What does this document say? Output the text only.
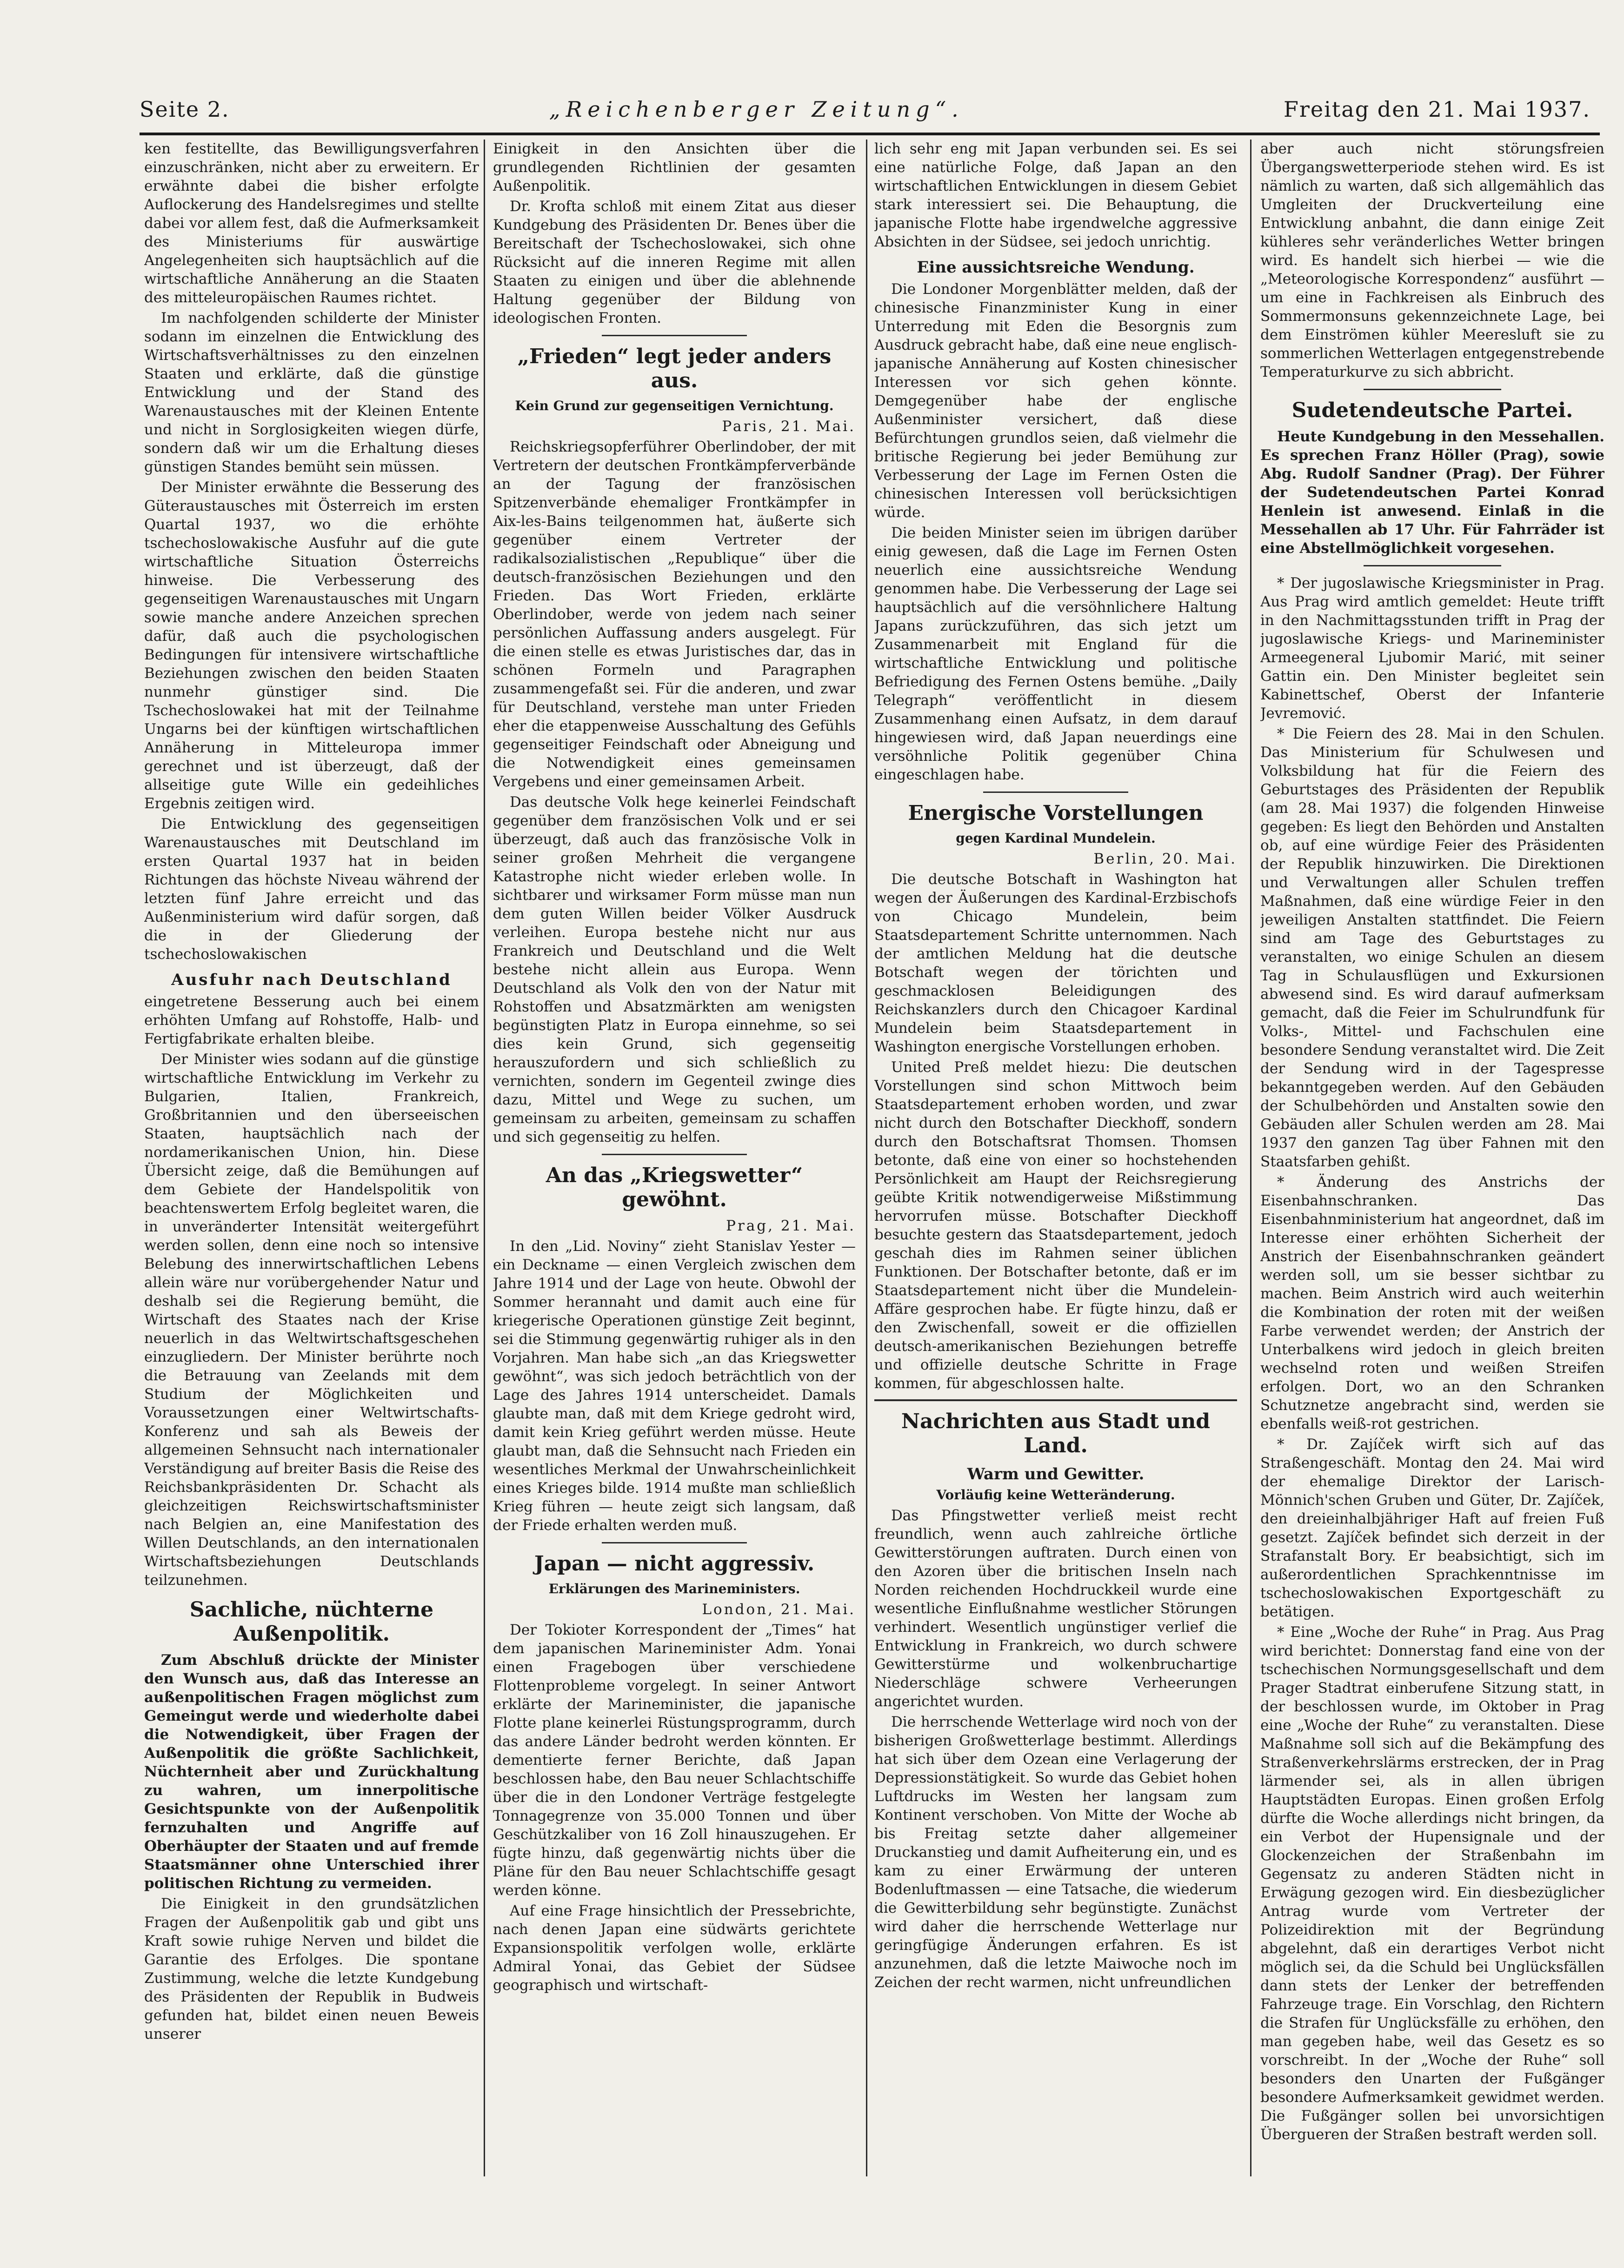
Seite 2.	„Reichenberger Zeitung“.	Freitag den 21. Mai 1937.

ken festitellte, das Bewilligungsverfahren einzuschränken, nicht aber zu erweitern. Er erwähnte dabei die bisher erfolgte Auflockerung des Handelsregimes und stellte dabei vor allem fest, daß die Aufmerksamkeit des Ministeriums für auswärtige Angelegenheiten sich hauptsächlich auf die wirtschaftliche Annäherung an die Staaten des mitteleuropäischen Raumes richtet.

Im nachfolgenden schilderte der Minister sodann im einzelnen die Entwicklung des Wirtschaftsverhältnisses zu den einzelnen Staaten und erklärte, daß die günstige Entwicklung und der Stand des Warenaustausches mit der Kleinen Entente und nicht in Sorglosigkeiten wiegen dürfe, sondern daß wir um die Erhaltung dieses günstigen Standes bemüht sein müssen.

Der Minister erwähnte die Besserung des Güteraustausches mit Österreich im ersten Quartal 1937, wo die erhöhte tschechoslowakische Ausfuhr auf die gute wirtschaftliche Situation Österreichs hinweise. Die Verbesserung des gegenseitigen Warenaustausches mit Ungarn sowie manche andere Anzeichen sprechen dafür, daß auch die psychologischen Bedingungen für intensivere wirtschaftliche Beziehungen zwischen den beiden Staaten nunmehr günstiger sind. Die Tschechoslowakei hat mit der Teilnahme Ungarns bei der künftigen wirtschaftlichen Annäherung in Mitteleuropa immer gerechnet und ist überzeugt, daß der allseitige gute Wille ein gedeihliches Ergebnis zeitigen wird.

Die Entwicklung des gegenseitigen Warenaustausches mit Deutschland im ersten Quartal 1937 hat in beiden Richtungen das höchste Niveau während der letzten fünf Jahre erreicht und das Außenministerium wird dafür sorgen, daß die in der Gliederung der tschechoslowakischen

Ausfuhr nach Deutschland

eingetretene Besserung auch bei einem erhöhten Umfang auf Rohstoffe, Halb- und Fertigfabrikate erhalten bleibe.

Der Minister wies sodann auf die günstige wirtschaftliche Entwicklung im Verkehr zu Bulgarien, Italien, Frankreich, Großbritannien und den überseeischen Staaten, hauptsächlich nach der nordamerikanischen Union, hin. Diese Übersicht zeige, daß die Bemühungen auf dem Gebiete der Handelspolitik von beachtenswertem Erfolg begleitet waren, die in unveränderter Intensität weitergeführt werden sollen, denn eine noch so intensive Belebung des innerwirtschaftlichen Lebens allein wäre nur vorübergehender Natur und deshalb sei die Regierung bemüht, die Wirtschaft des Staates nach der Krise neuerlich in das Weltwirtschaftsgeschehen einzugliedern. Der Minister berührte noch die Betrauung van Zeelands mit dem Studium der Möglichkeiten und Voraussetzungen einer Weltwirtschafts-Konferenz und sah als Beweis der allgemeinen Sehnsucht nach internationaler Verständigung auf breiter Basis die Reise des Reichsbankpräsidenten Dr. Schacht als gleichzeitigen Reichswirtschaftsminister nach Belgien an, eine Manifestation des Willen Deutschlands, an den internationalen Wirtschaftsbeziehungen Deutschlands teilzunehmen.

Sachliche, nüchterne Außenpolitik.

Zum Abschluß drückte der Minister den Wunsch aus, daß das Interesse an außenpolitischen Fragen möglichst zum Gemeingut werde und wiederholte dabei die Notwendigkeit, über Fragen der Außenpolitik die größte Sachlichkeit, Nüchternheit aber und Zurückhaltung zu wahren, um innerpolitische Gesichtspunkte von der Außenpolitik fernzuhalten und Angriffe auf Oberhäupter der Staaten und auf fremde Staatsmänner ohne Unterschied ihrer politischen Richtung zu vermeiden.

Die Einigkeit in den grundsätzlichen Fragen der Außenpolitik gab und gibt uns Kraft sowie ruhige Nerven und bildet die Garantie des Erfolges. Die spontane Zustimmung, welche die letzte Kundgebung des Präsidenten der Republik in Budweis gefunden hat, bildet einen neuen Beweis unserer

Einigkeit in den Ansichten über die grundlegenden Richtlinien der gesamten Außenpolitik.

Dr. Krofta schloß mit einem Zitat aus dieser Kundgebung des Präsidenten Dr. Benes über die Bereitschaft der Tschechoslowakei, sich ohne Rücksicht auf die inneren Regime mit allen Staaten zu einigen und über die ablehnende Haltung gegenüber der Bildung von ideologischen Fronten.

„Frieden“ legt jeder anders aus.
Kein Grund zur gegenseitigen Vernichtung.
Paris, 21. Mai.

Reichskriegsopferführer Oberlindober, der mit Vertretern der deutschen Frontkämpferverbände an der Tagung der französischen Spitzenverbände ehemaliger Frontkämpfer in Aix-les-Bains teilgenommen hat, äußerte sich gegenüber einem Vertreter der radikalsozialistischen „Republique“ über die deutsch-französischen Beziehungen und den Frieden. Das Wort Frieden, erklärte Oberlindober, werde von jedem nach seiner persönlichen Auffassung anders ausgelegt. Für die einen stelle es etwas Juristisches dar, das in schönen Formeln und Paragraphen zusammengefaßt sei. Für die anderen, und zwar für Deutschland, verstehe man unter Frieden eher die etappenweise Ausschaltung des Gefühls gegenseitiger Feindschaft oder Abneigung und die Notwendigkeit eines gemeinsamen Vergebens und einer gemeinsamen Arbeit.

Das deutsche Volk hege keinerlei Feindschaft gegenüber dem französischen Volk und er sei überzeugt, daß auch das französische Volk in seiner großen Mehrheit die vergangene Katastrophe nicht wieder erleben wolle. In sichtbarer und wirksamer Form müsse man nun dem guten Willen beider Völker Ausdruck verleihen. Europa bestehe nicht nur aus Frankreich und Deutschland und die Welt bestehe nicht allein aus Europa. Wenn Deutschland als Volk den von der Natur mit Rohstoffen und Absatzmärkten am wenigsten begünstigten Platz in Europa einnehme, so sei dies kein Grund, sich gegenseitig herauszufordern und sich schließlich zu vernichten, sondern im Gegenteil zwinge dies dazu, Mittel und Wege zu suchen, um gemeinsam zu arbeiten, gemeinsam zu schaffen und sich gegenseitig zu helfen.

An das „Kriegswetter“ gewöhnt.
Prag, 21. Mai.

In den „Lid. Noviny“ zieht Stanislav Yester — ein Deckname — einen Vergleich zwischen dem Jahre 1914 und der Lage von heute. Obwohl der Sommer herannaht und damit auch eine für kriegerische Operationen günstige Zeit beginnt, sei die Stimmung gegenwärtig ruhiger als in den Vorjahren. Man habe sich „an das Kriegswetter gewöhnt“, was sich jedoch beträchtlich von der Lage des Jahres 1914 unterscheidet. Damals glaubte man, daß mit dem Kriege gedroht wird, damit kein Krieg geführt werden müsse. Heute glaubt man, daß die Sehnsucht nach Frieden ein wesentliches Merkmal der Unwahrscheinlichkeit eines Krieges bilde. 1914 mußte man schließlich Krieg führen — heute zeigt sich langsam, daß der Friede erhalten werden muß.

Japan — nicht aggressiv.
Erklärungen des Marineministers.
London, 21. Mai.

Der Tokioter Korrespondent der „Times“ hat dem japanischen Marineminister Adm. Yonai einen Fragebogen über verschiedene Flottenprobleme vorgelegt. In seiner Antwort erklärte der Marineminister, die japanische Flotte plane keinerlei Rüstungsprogramm, durch das andere Länder bedroht werden könnten. Er dementierte ferner Berichte, daß Japan beschlossen habe, den Bau neuer Schlachtschiffe über die in den Londoner Verträge festgelegte Tonnagegrenze von 35.000 Tonnen und über Geschützkaliber von 16 Zoll hinauszugehen. Er fügte hinzu, daß gegenwärtig nichts über die Pläne für den Bau neuer Schlachtschiffe gesagt werden könne.

Auf eine Frage hinsichtlich der Pressebrichte, nach denen Japan eine südwärts gerichtete Expansionspolitik verfolgen wolle, erklärte Admiral Yonai, das Gebiet der Südsee geographisch und wirtschaft-

lich sehr eng mit Japan verbunden sei. Es sei eine natürliche Folge, daß Japan an den wirtschaftlichen Entwicklungen in diesem Gebiet stark interessiert sei. Die Behauptung, die japanische Flotte habe irgendwelche aggressive Absichten in der Südsee, sei jedoch unrichtig.

Eine aussichtsreiche Wendung.

Die Londoner Morgenblätter melden, daß der chinesische Finanzminister Kung in einer Unterredung mit Eden die Besorgnis zum Ausdruck gebracht habe, daß eine neue englisch-japanische Annäherung auf Kosten chinesischer Interessen vor sich gehen könnte. Demgegenüber habe der englische Außenminister versichert, daß diese Befürchtungen grundlos seien, daß vielmehr die britische Regierung bei jeder Bemühung zur Verbesserung der Lage im Fernen Osten die chinesischen Interessen voll berücksichtigen würde.

Die beiden Minister seien im übrigen darüber einig gewesen, daß die Lage im Fernen Osten neuerlich eine aussichtsreiche Wendung genommen habe. Die Verbesserung der Lage sei hauptsächlich auf die versöhnlichere Haltung Japans zurückzuführen, das sich jetzt um Zusammenarbeit mit England für die wirtschaftliche Entwicklung und politische Befriedigung des Fernen Ostens bemühe. „Daily Telegraph“ veröffentlicht in diesem Zusammenhang einen Aufsatz, in dem darauf hingewiesen wird, daß Japan neuerdings eine versöhnliche Politik gegenüber China eingeschlagen habe.

Energische Vorstellungen
gegen Kardinal Mundelein.
Berlin, 20. Mai.

Die deutsche Botschaft in Washington hat wegen der Äußerungen des Kardinal-Erzbischofs von Chicago Mundelein, beim Staatsdepartement Schritte unternommen. Nach der amtlichen Meldung hat die deutsche Botschaft wegen der törichten und geschmacklosen Beleidigungen des Reichskanzlers durch den Chicagoer Kardinal Mundelein beim Staatsdepartement in Washington energische Vorstellungen erhoben.

United Preß meldet hiezu: Die deutschen Vorstellungen sind schon Mittwoch beim Staatsdepartement erhoben worden, und zwar nicht durch den Botschafter Dieckhoff, sondern durch den Botschaftsrat Thomsen. Thomsen betonte, daß eine von einer so hochstehenden Persönlichkeit am Haupt der Reichsregierung geübte Kritik notwendigerweise Mißstimmung hervorrufen müsse. Botschafter Dieckhoff besuchte gestern das Staatsdepartement, jedoch geschah dies im Rahmen seiner üblichen Funktionen. Der Botschafter betonte, daß er im Staatsdepartement nicht über die Mundelein-Affäre gesprochen habe. Er fügte hinzu, daß er den Zwischenfall, soweit er die offiziellen deutsch-amerikanischen Beziehungen betreffe und offizielle deutsche Schritte in Frage kommen, für abgeschlossen halte.

Nachrichten aus Stadt und Land.
Warm und Gewitter.
Vorläufig keine Wetteränderung.

Das Pfingstwetter verließ meist recht freundlich, wenn auch zahlreiche örtliche Gewitterstörungen auftraten. Durch einen von den Azoren über die britischen Inseln nach Norden reichenden Hochdruckkeil wurde eine wesentliche Einflußnahme westlicher Störungen verhindert. Wesentlich ungünstiger verlief die Entwicklung in Frankreich, wo durch schwere Gewitterstürme und wolkenbruchartige Niederschläge schwere Verheerungen angerichtet wurden.

Die herrschende Wetterlage wird noch von der bisherigen Großwetterlage bestimmt. Allerdings hat sich über dem Ozean eine Verlagerung der Depressionstätigkeit. So wurde das Gebiet hohen Luftdrucks im Westen her langsam zum Kontinent verschoben. Von Mitte der Woche ab bis Freitag setzte daher allgemeiner Druckanstieg und damit Aufheiterung ein, und es kam zu einer Erwärmung der unteren Bodenluftmassen — eine Tatsache, die wiederum die Gewitterbildung sehr begünstigte. Zunächst wird daher die herrschende Wetterlage nur geringfügige Änderungen erfahren. Es ist anzunehmen, daß die letzte Maiwoche noch im Zeichen der recht warmen, nicht unfreundlichen

aber auch nicht störungsfreien Übergangswetterperiode stehen wird. Es ist nämlich zu warten, daß sich allgemählich das Umgleiten der Druckverteilung eine Entwicklung anbahnt, die dann einige Zeit kühleres sehr veränderliches Wetter bringen wird. Es handelt sich hierbei — wie die „Meteorologische Korrespondenz“ ausführt — um eine in Fachkreisen als Einbruch des Sommermonsuns gekennzeichnete Lage, bei dem Einströmen kühler Meeresluft sie zu sommerlichen Wetterlagen entgegenstrebende Temperaturkurve zu sich abbricht.

Sudetendeutsche Partei.

Heute Kundgebung in den Messehallen. Es sprechen Franz Höller (Prag), sowie Abg. Rudolf Sandner (Prag). Der Führer der Sudetendeutschen Partei Konrad Henlein ist anwesend. Einlaß in die Messehallen ab 17 Uhr. Für Fahrräder ist eine Abstellmöglichkeit vorgesehen.

* Der jugoslawische Kriegsminister in Prag. Aus Prag wird amtlich gemeldet: Heute trifft in den Nachmittagsstunden trifft in Prag der jugoslawische Kriegs- und Marineminister Armeegeneral Ljubomir Marić, mit seiner Gattin ein. Den Minister begleitet sein Kabinettschef, Oberst der Infanterie Jevremović.

* Die Feiern des 28. Mai in den Schulen. Das Ministerium für Schulwesen und Volksbildung hat für die Feiern des Geburtstages des Präsidenten der Republik (am 28. Mai 1937) die folgenden Hinweise gegeben: Es liegt den Behörden und Anstalten ob, auf eine würdige Feier des Präsidenten der Republik hinzuwirken. Die Direktionen und Verwaltungen aller Schulen treffen Maßnahmen, daß eine würdige Feier in den jeweiligen Anstalten stattfindet. Die Feiern sind am Tage des Geburtstages zu veranstalten, wo einige Schulen an diesem Tag in Schulausflügen und Exkursionen abwesend sind. Es wird darauf aufmerksam gemacht, daß die Feier im Schulrundfunk für Volks-, Mittel- und Fachschulen eine besondere Sendung veranstaltet wird. Die Zeit der Sendung wird in der Tagespresse bekanntgegeben werden. Auf den Gebäuden der Schulbehörden und Anstalten sowie den Gebäuden aller Schulen werden am 28. Mai 1937 den ganzen Tag über Fahnen mit den Staatsfarben gehißt.

* Änderung des Anstrichs der Eisenbahnschranken. Das Eisenbahnministerium hat angeordnet, daß im Interesse einer erhöhten Sicherheit der Anstrich der Eisenbahnschranken geändert werden soll, um sie besser sichtbar zu machen. Beim Anstrich wird auch weiterhin die Kombination der roten mit der weißen Farbe verwendet werden; der Anstrich der Unterbalkens wird jedoch in gleich breiten wechselnd roten und weißen Streifen erfolgen. Dort, wo an den Schranken Schutznetze angebracht sind, werden sie ebenfalls weiß-rot gestrichen.

* Dr. Zajíček wirft sich auf das Straßengeschäft. Montag den 24. Mai wird der ehemalige Direktor der Larisch-Mönnich'schen Gruben und Güter, Dr. Zajíček, den dreieinhalbjähriger Haft auf freien Fuß gesetzt. Zajíček befindet sich derzeit in der Strafanstalt Bory. Er beabsichtigt, sich im außerordentlichen Sprachkenntnisse im tschechoslowakischen Exportgeschäft zu betätigen.

* Eine „Woche der Ruhe“ in Prag. Aus Prag wird berichtet: Donnerstag fand eine von der tschechischen Normungsgesellschaft und dem Prager Stadtrat einberufene Sitzung statt, in der beschlossen wurde, im Oktober in Prag eine „Woche der Ruhe“ zu veranstalten. Diese Maßnahme soll sich auf die Bekämpfung des Straßenverkehrslärms erstrecken, der in Prag lärmender sei, als in allen übrigen Hauptstädten Europas. Einen großen Erfolg dürfte die Woche allerdings nicht bringen, da ein Verbot der Hupensignale und der Glockenzeichen der Straßenbahn im Gegensatz zu anderen Städten nicht in Erwägung gezogen wird. Ein diesbezüglicher Antrag wurde vom Vertreter der Polizeidirektion mit der Begründung abgelehnt, daß ein derartiges Verbot nicht möglich sei, da die Schuld bei Unglücksfällen dann stets der Lenker der betreffenden Fahrzeuge trage. Ein Vorschlag, den Richtern die Strafen für Unglücksfälle zu erhöhen, den man gegeben habe, weil das Gesetz es so vorschreibt. In der „Woche der Ruhe“ soll besonders den Unarten der Fußgänger besondere Aufmerksamkeit gewidmet werden. Die Fußgänger sollen bei unvorsichtigen Übergueren der Straßen bestraft werden soll.
